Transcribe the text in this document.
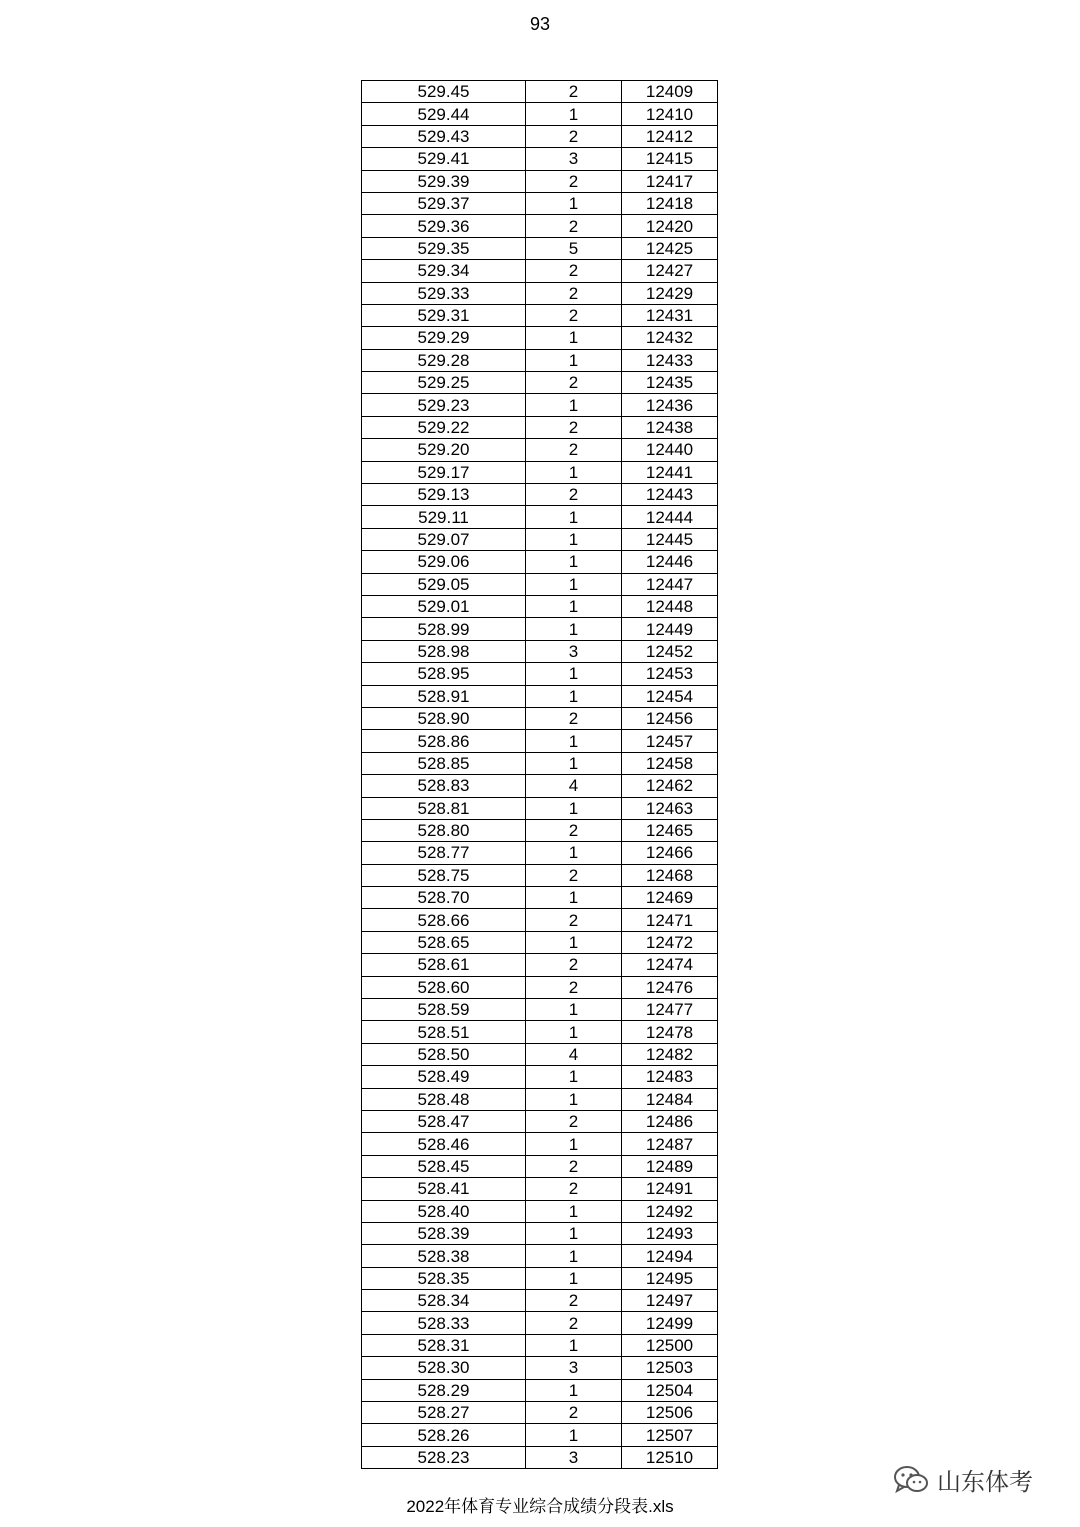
93
529.45	2	12409
529.44	1	12410
529.43	2	12412
529.41	3	12415
529.39	2	12417
529.37	1	12418
529.36	2	12420
529.35	5	12425
529.34	2	12427
529.33	2	12429
529.31	2	12431
529.29	1	12432
529.28	1	12433
529.25	2	12435
529.23	1	12436
529.22	2	12438
529.20	2	12440
529.17	1	12441
529.13	2	12443
529.11	1	12444
529.07	1	12445
529.06	1	12446
529.05	1	12447
529.01	1	12448
528.99	1	12449
528.98	3	12452
528.95	1	12453
528.91	1	12454
528.90	2	12456
528.86	1	12457
528.85	1	12458
528.83	4	12462
528.81	1	12463
528.80	2	12465
528.77	1	12466
528.75	2	12468
528.70	1	12469
528.66	2	12471
528.65	1	12472
528.61	2	12474
528.60	2	12476
528.59	1	12477
528.51	1	12478
528.50	4	12482
528.49	1	12483
528.48	1	12484
528.47	2	12486
528.46	1	12487
528.45	2	12489
528.41	2	12491
528.40	1	12492
528.39	1	12493
528.38	1	12494
528.35	1	12495
528.34	2	12497
528.33	2	12499
528.31	1	12500
528.30	3	12503
528.29	1	12504
528.27	2	12506
528.26	1	12507
528.23	3	12510
2022年体育专业综合成绩分段表.xls
山东体考
